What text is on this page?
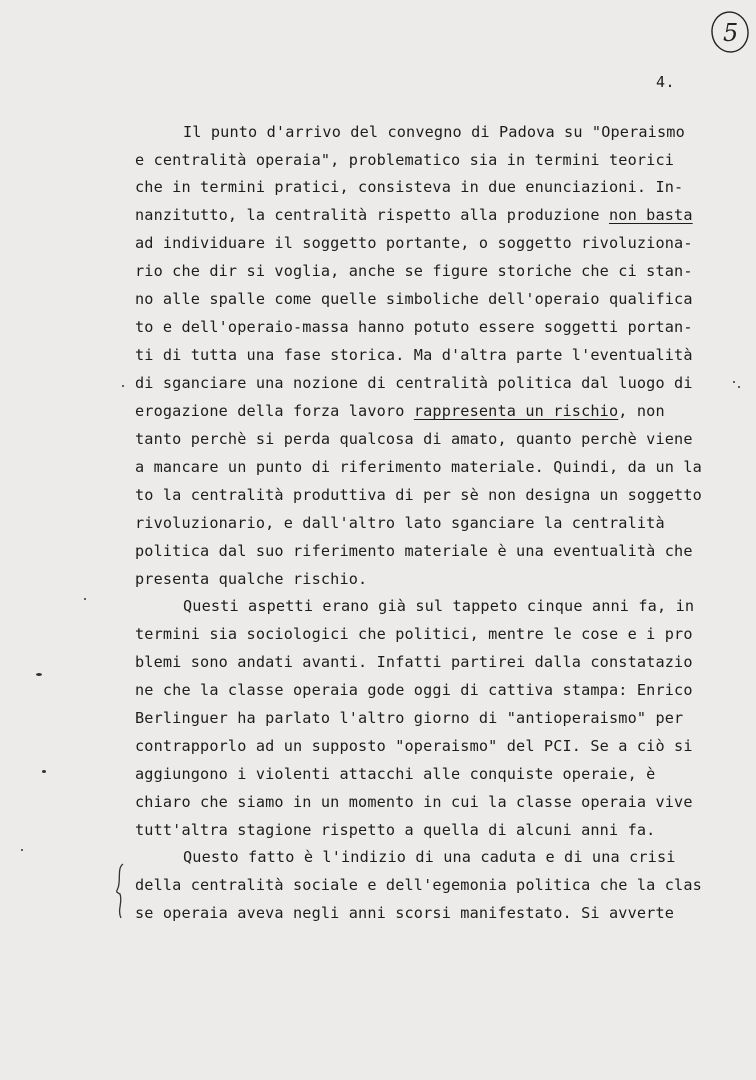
5
4.
Il punto d'arrivo del convegno di Padova su "Operaismo
e centralità operaia", problematico sia in termini teorici
che in termini pratici, consisteva in due enunciazioni. In-
nanzitutto, la centralità rispetto alla produzione non basta
ad individuare il soggetto portante, o soggetto rivoluziona-
rio che dir si voglia, anche se figure storiche che ci stan-
no alle spalle come quelle simboliche dell'operaio qualifica
to e dell'operaio-massa hanno potuto essere soggetti portan-
ti di tutta una fase storica. Ma d'altra parte l'eventualità
di sganciare una nozione di centralità politica dal luogo di
erogazione della forza lavoro rappresenta un rischio, non
tanto perchè si perda qualcosa di amato, quanto perchè viene
a mancare un punto di riferimento materiale. Quindi, da un la
to la centralità produttiva di per sè non designa un soggetto
rivoluzionario, e dall'altro lato sganciare la centralità
politica dal suo riferimento materiale è una eventualità che
presenta qualche rischio.
Questi aspetti erano già sul tappeto cinque anni fa, in
termini sia sociologici che politici, mentre le cose e i pro
blemi sono andati avanti. Infatti partirei dalla constatazio
ne che la classe operaia gode oggi di cattiva stampa: Enrico
Berlinguer ha parlato l'altro giorno di "antioperaismo" per
contrapporlo ad un supposto "operaismo" del PCI. Se a ciò si
aggiungono i violenti attacchi alle conquiste operaie, è
chiaro che siamo in un momento in cui la classe operaia vive
tutt'altra stagione rispetto a quella di alcuni anni fa.
Questo fatto è l'indizio di una caduta e di una crisi
della centralità sociale e dell'egemonia politica che la clas
se operaia aveva negli anni scorsi manifestato. Si avverte
